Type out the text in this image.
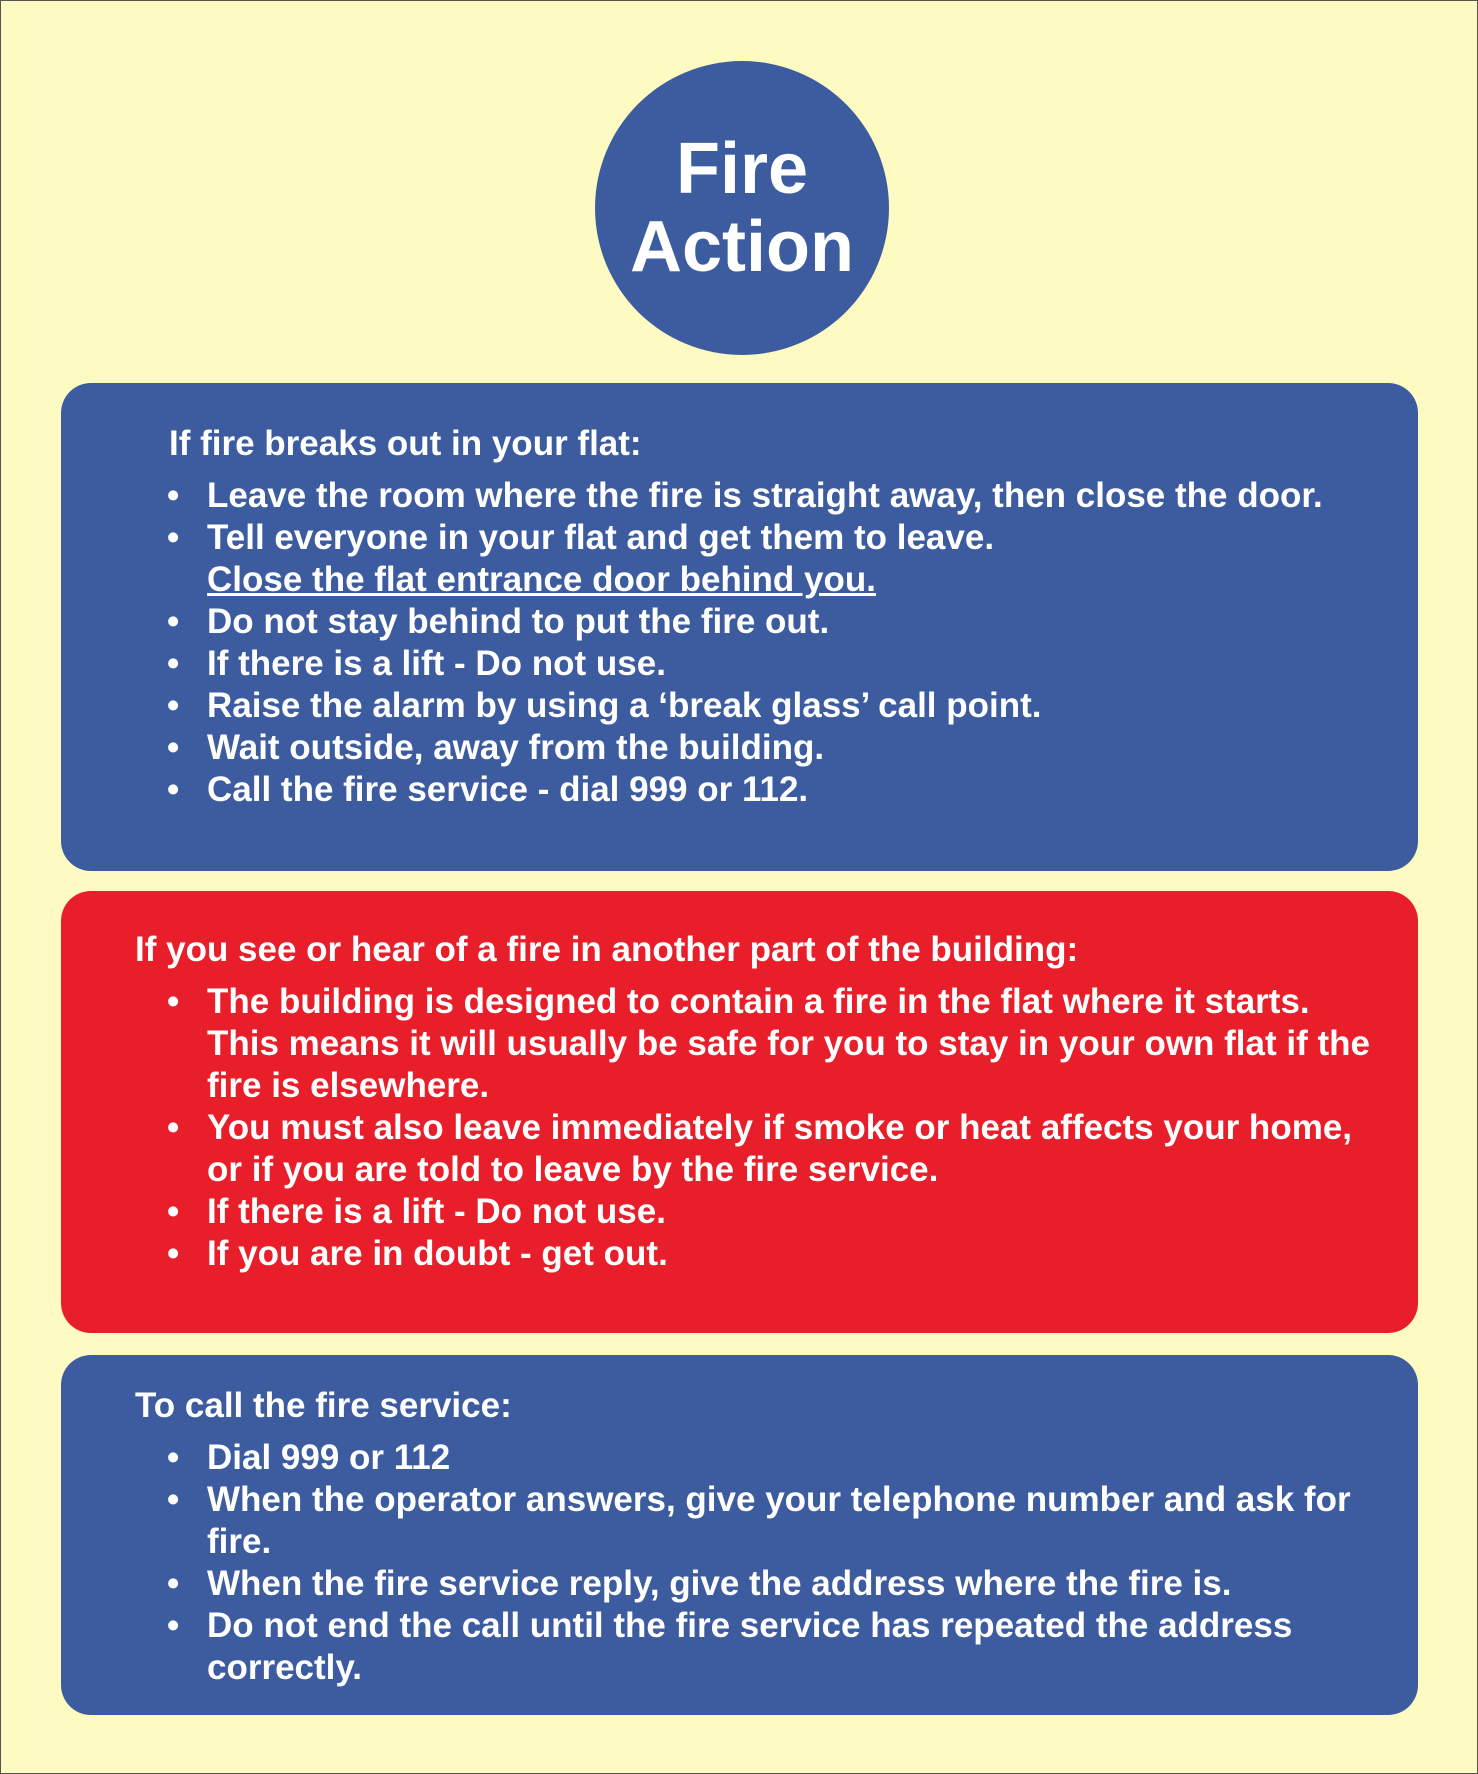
Fire
Action
If fire breaks out in your flat:
• Leave the room where the fire is straight away, then close the door.
• Tell everyone in your flat and get them to leave.
Close the flat entrance door behind you.
• Do not stay behind to put the fire out.
• If there is a lift - Do not use.
• Raise the alarm by using a ‘break glass’ call point.
• Wait outside, away from the building.
• Call the fire service - dial 999 or 112.
If you see or hear of a fire in another part of the building:
• The building is designed to contain a fire in the flat where it starts.
This means it will usually be safe for you to stay in your own flat if the fire is elsewhere.
• You must also leave immediately if smoke or heat affects your home, or if you are told to leave by the fire service.
• If there is a lift - Do not use.
• If you are in doubt - get out.
To call the fire service:
• Dial 999 or 112
• When the operator answers, give your telephone number and ask for fire.
• When the fire service reply, give the address where the fire is.
• Do not end the call until the fire service has repeated the address correctly.
